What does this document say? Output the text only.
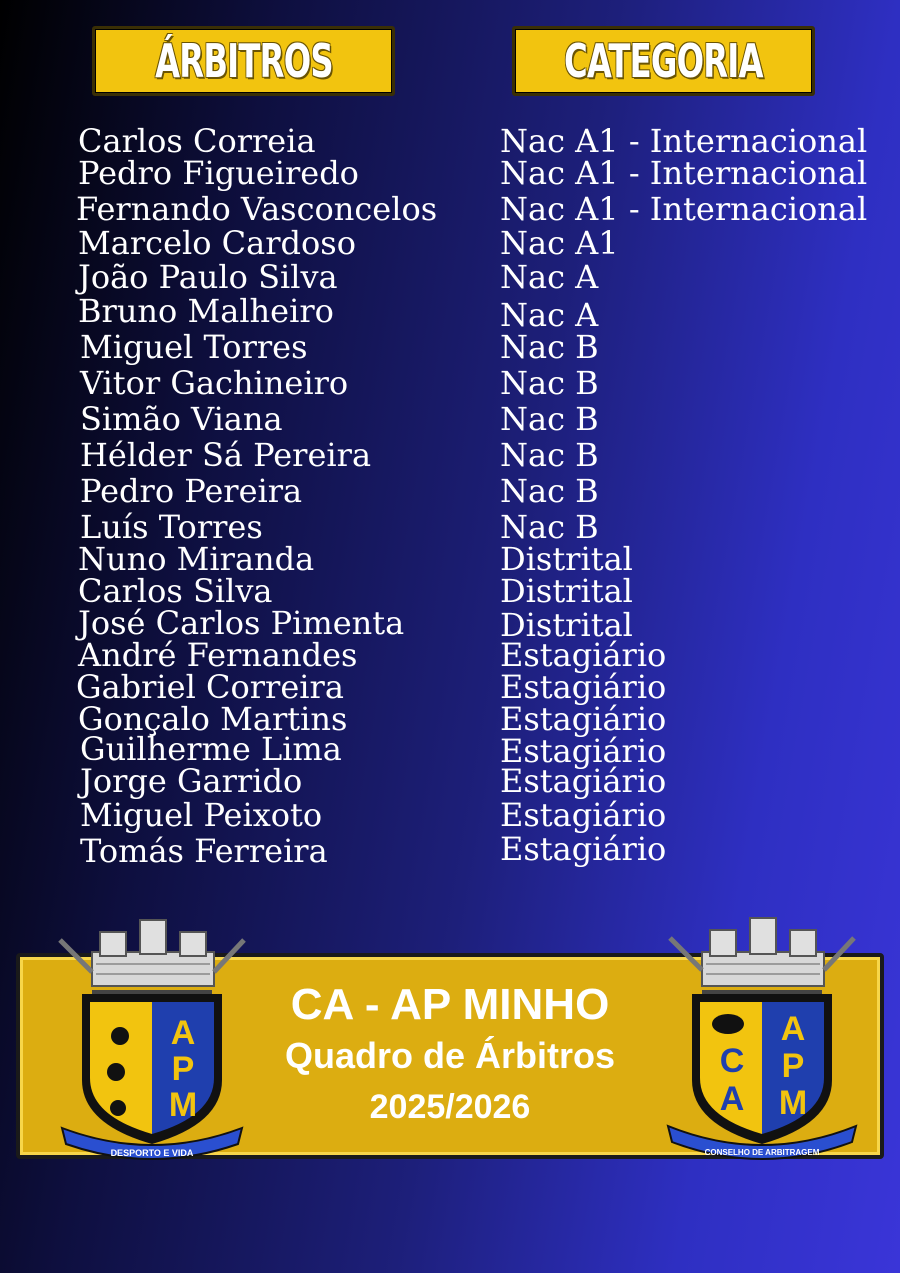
ÁRBITROS	CATEGORIA
Carlos Correia
Pedro Figueiredo
Fernando Vasconcelos
Marcelo Cardoso
João Paulo Silva
Bruno Malheiro
Miguel Torres
Vitor Gachineiro
Simão Viana
Hélder Sá Pereira
Pedro Pereira
Luís Torres
Nuno Miranda
Carlos Silva
José Carlos Pimenta
André Fernandes
Gabriel Correira
Gonçalo Martins
Guilherme Lima
Jorge Garrido
Miguel Peixoto
Tomás Ferreira
Nac A1 - Internacional
Nac A1 - Internacional
Nac A1 - Internacional
Nac A1
Nac A
Nac A
Nac B
Nac B
Nac B
Nac B
Nac B
Nac B
Distrital
Distrital
Distrital
Estagiário
Estagiário
Estagiário
Estagiário
Estagiário
Estagiário
Estagiário
CA - AP MINHO
Quadro de Árbitros
2025/2026
A
P
M
DESPORTO E VIDA
C
A
A
P
M
CONSELHO DE ARBITRAGEM
